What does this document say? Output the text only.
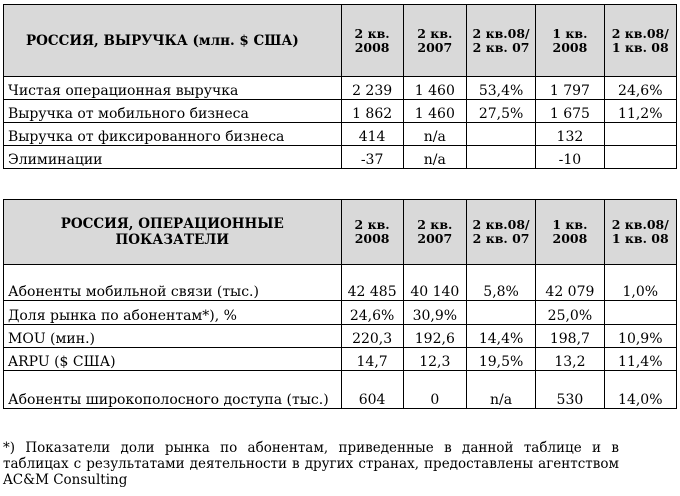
РОССИЯ, ВЫРУЧКА (млн. $ США)	2 кв. 2008	2 кв. 2007	2 кв.08/ 2 кв. 07	1 кв. 2008	2 кв.08/ 1 кв. 08
Чистая операционная выручка	2 239	1 460	53,4%	1 797	24,6%
Выручка от мобильного бизнеса	1 862	1 460	27,5%	1 675	11,2%
Выручка от фиксированного бизнеса	414	n/a		132	
Элиминации	-37	n/a		-10	
РОССИЯ, ОПЕРАЦИОННЫЕ ПОКАЗАТЕЛИ	2 кв. 2008	2 кв. 2007	2 кв.08/ 2 кв. 07	1 кв. 2008	2 кв.08/ 1 кв. 08
Абоненты мобильной связи (тыс.)	42 485	40 140	5,8%	42 079	1,0%
Доля рынка по абонентам*), %	24,6%	30,9%		25,0%	
MOU (мин.)	220,3	192,6	14,4%	198,7	10,9%
ARPU ($ США)	14,7	12,3	19,5%	13,2	11,4%
Абоненты широкополосного доступа (тыс.)	604	0	n/a	530	14,0%
*) Показатели доли рынка по абонентам, приведенные в данной таблице и в таблицах с результатами деятельности в других странах, предоставлены агентством AC&M Consulting
